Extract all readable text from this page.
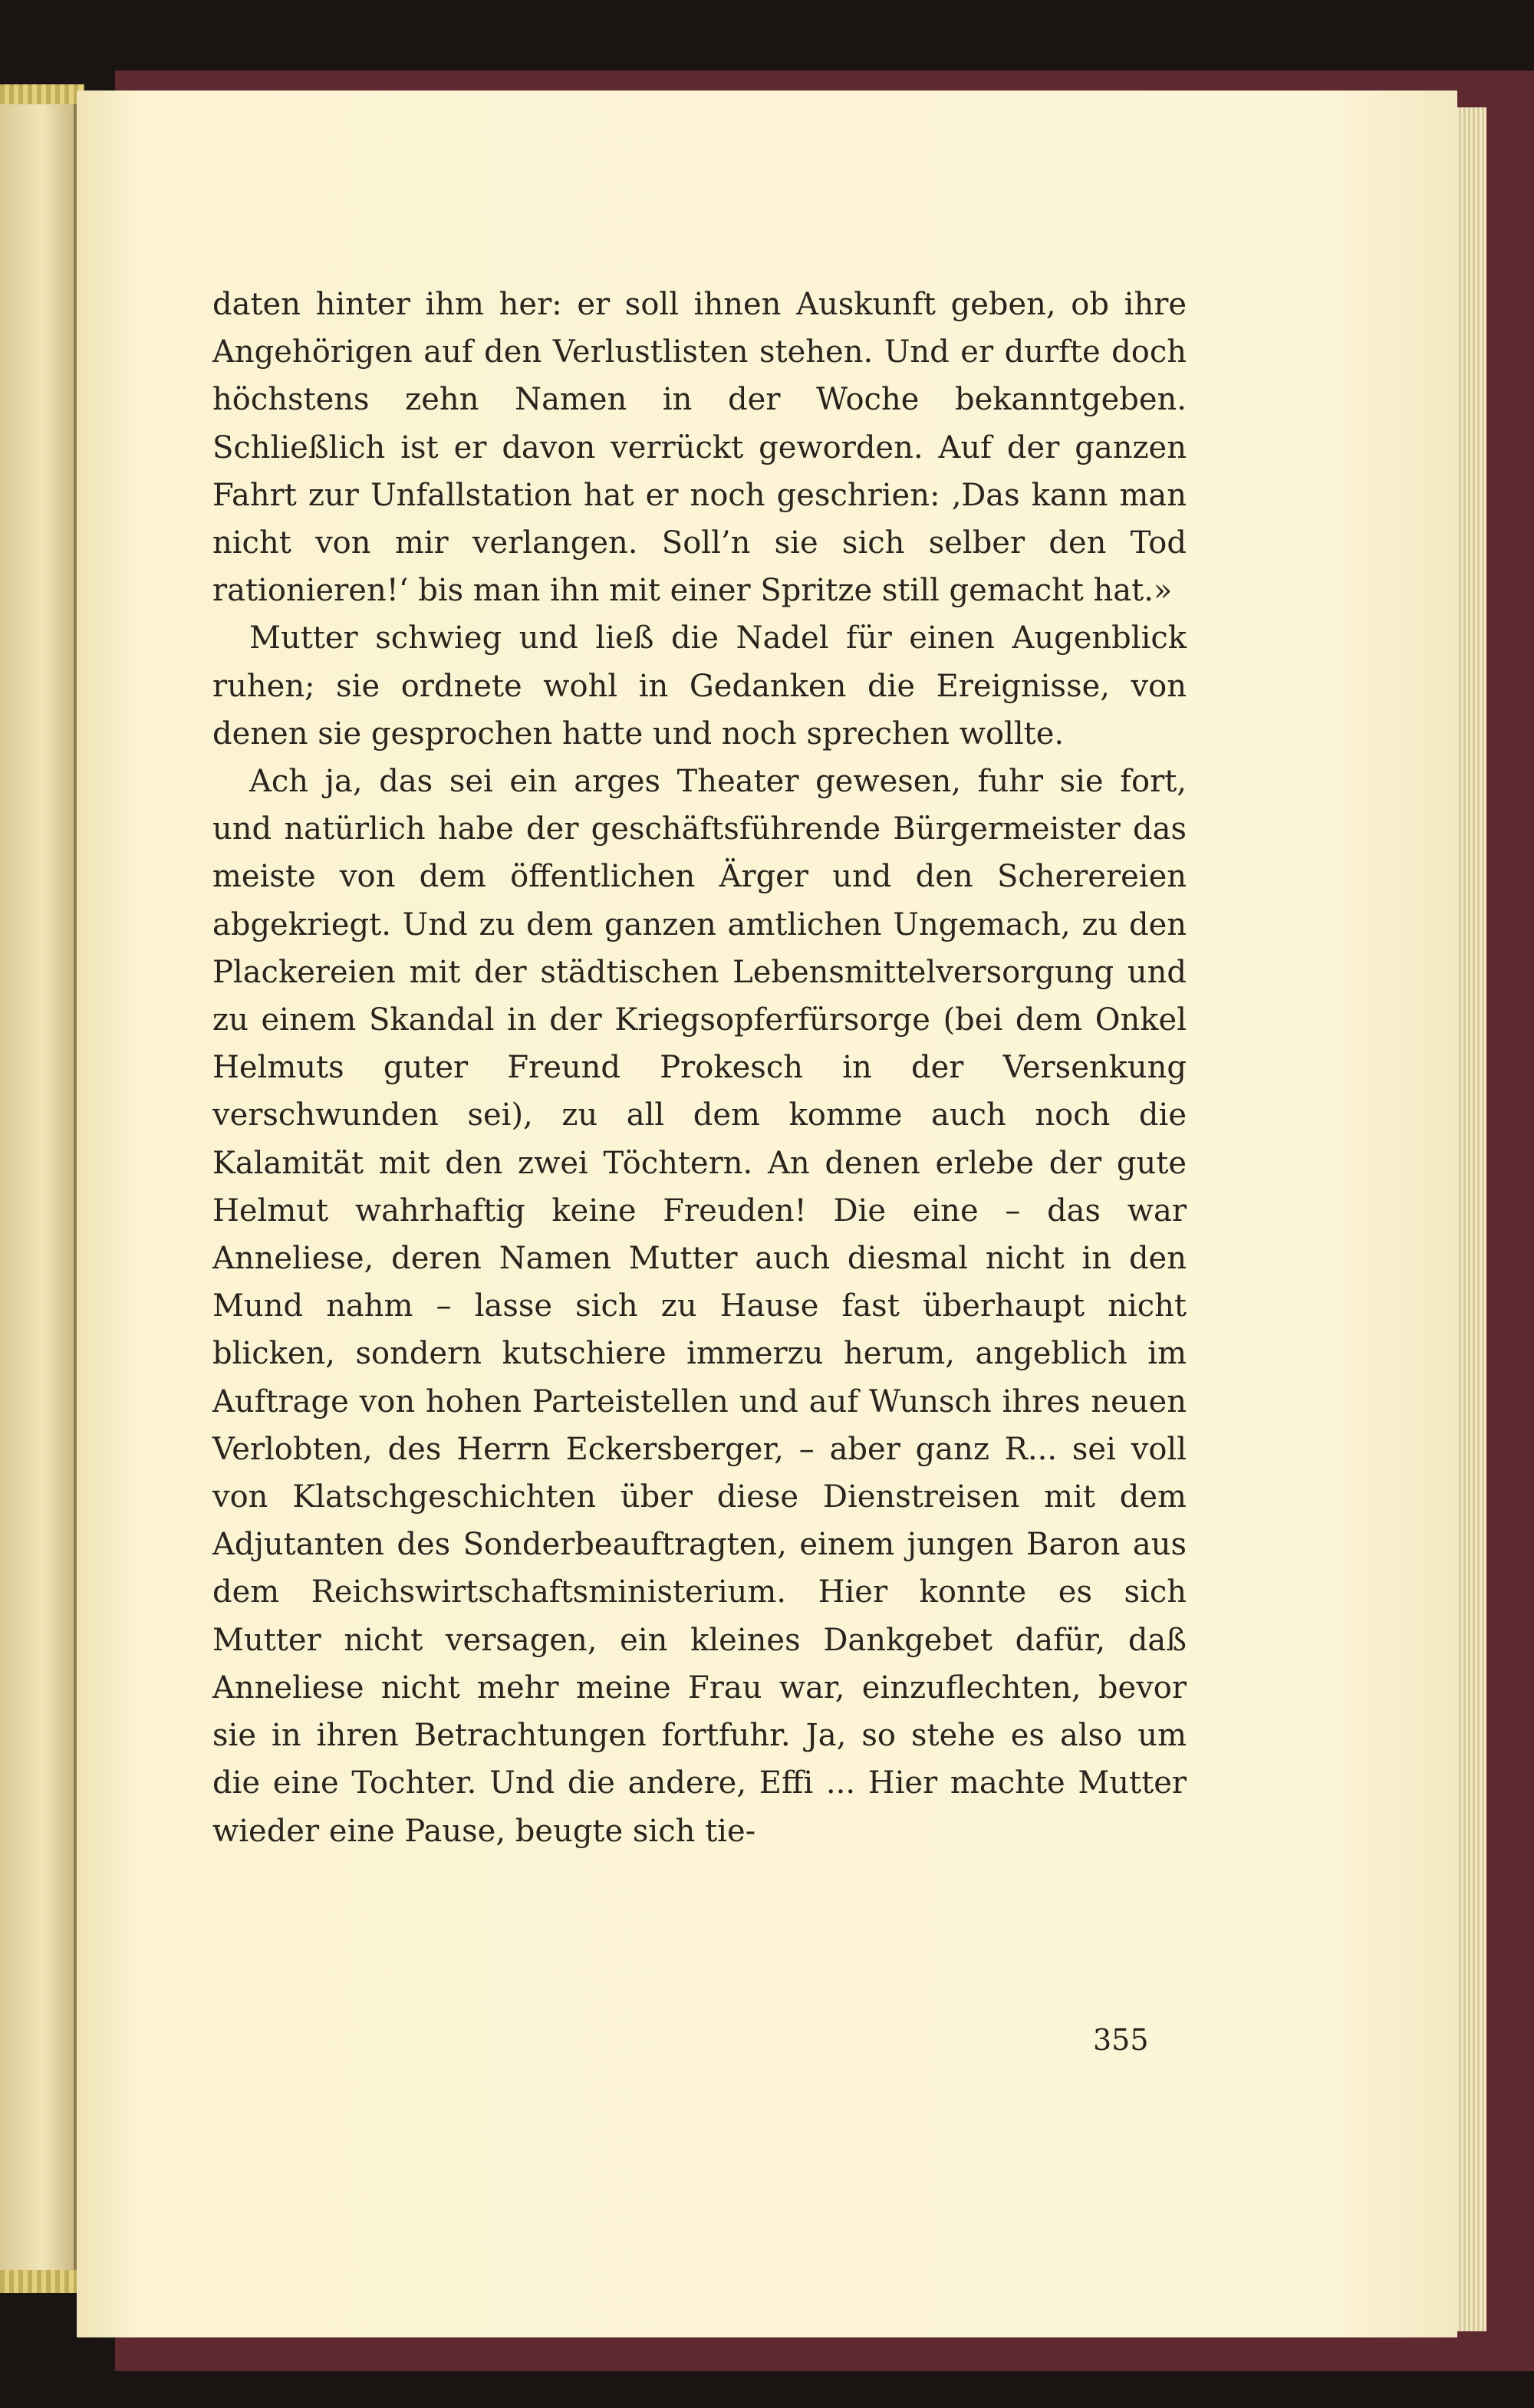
daten hinter ihm her: er soll ihnen Auskunft geben, ob ihre Angehörigen auf den Verlustlisten stehen. Und er durfte doch höchstens zehn Namen in der Woche bekanntgeben. Schließlich ist er davon verrückt geworden. Auf der ganzen Fahrt zur Unfallstation hat er noch geschrien: ‚Das kann man nicht von mir verlangen. Soll’n sie sich selber den Tod rationieren!‘ bis man ihn mit einer Spritze still gemacht hat.»

Mutter schwieg und ließ die Nadel für einen Augenblick ruhen; sie ordnete wohl in Gedanken die Ereignisse, von denen sie gesprochen hatte und noch sprechen wollte.

Ach ja, das sei ein arges Theater gewesen, fuhr sie fort, und natürlich habe der geschäftsführende Bürgermeister das meiste von dem öffentlichen Ärger und den Scherereien abgekriegt. Und zu dem ganzen amtlichen Ungemach, zu den Plackereien mit der städtischen Lebensmittelversorgung und zu einem Skandal in der Kriegsopferfürsorge (bei dem Onkel Helmuts guter Freund Prokesch in der Versenkung verschwunden sei), zu all dem komme auch noch die Kalamität mit den zwei Töchtern. An denen erlebe der gute Helmut wahrhaftig keine Freuden! Die eine – das war Anneliese, deren Namen Mutter auch diesmal nicht in den Mund nahm – lasse sich zu Hause fast überhaupt nicht blicken, sondern kutschiere immerzu herum, angeblich im Auftrage von hohen Parteistellen und auf Wunsch ihres neuen Verlobten, des Herrn Eckersberger, – aber ganz R... sei voll von Klatschgeschichten über diese Dienstreisen mit dem Adjutanten des Sonderbeauftragten, einem jungen Baron aus dem Reichswirtschaftsministerium. Hier konnte es sich Mutter nicht versagen, ein kleines Dankgebet dafür, daß Anneliese nicht mehr meine Frau war, einzuflechten, bevor sie in ihren Betrachtungen fortfuhr. Ja, so stehe es also um die eine Tochter. Und die andere, Effi ... Hier machte Mutter wieder eine Pause, beugte sich tie-

355
